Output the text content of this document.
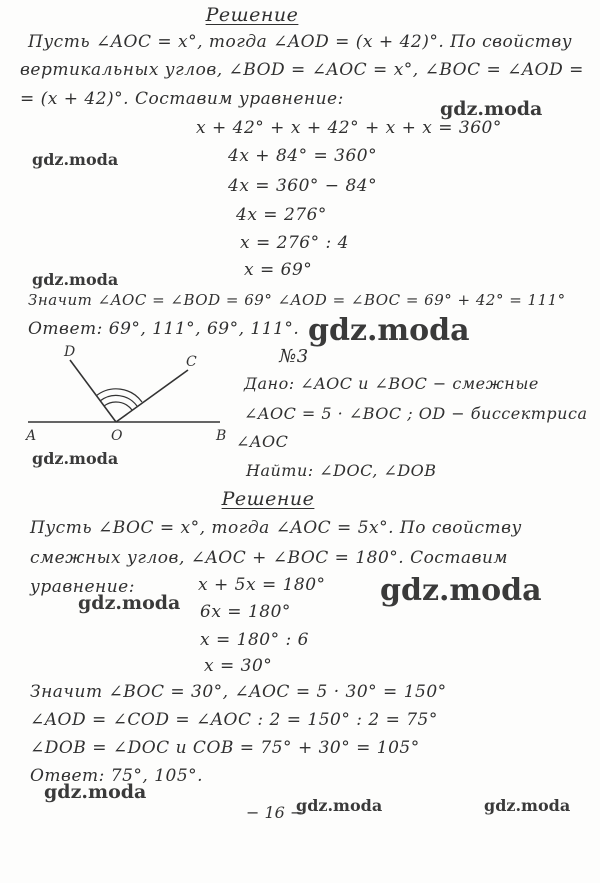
Решение
Пусть ∠AOC = x°, тогда ∠AOD = (x + 42)°. По свойству
вертикальных углов, ∠BOD = ∠AOC = x°, ∠BOC = ∠AOD =
= (x + 42)°. Составим уравнение:
x + 42° + x + 42° + x + x = 360°
4x + 84° = 360°
4x = 360° − 84°
4x = 276°
x = 276° : 4
x = 69°
Значит ∠AOC = ∠BOD = 69° ∠AOD = ∠BOC = 69° + 42° = 111°
Ответ: 69°, 111°, 69°, 111°.
№3
Дано: ∠AOC и ∠BOC − смежные
∠AOC = 5 · ∠BOC ; OD − биссектриса
∠AOC
Найти: ∠DOC, ∠DOB
D
C
A	O	B
Решение
Пусть ∠BOC = x°, тогда ∠AOC = 5x°. По свойству
смежных углов, ∠AOC + ∠BOC = 180°. Составим
уравнение:	x + 5x = 180°
6x = 180°
x = 180° : 6
x = 30°
Значит ∠BOC = 30°, ∠AOC = 5 · 30° = 150°
∠AOD = ∠COD = ∠AOC : 2 = 150° : 2 = 75°
∠DOB = ∠DOC и COB = 75° + 30° = 105°
Ответ: 75°, 105°.
− 16 −
gdz.moda
gdz.moda
gdz.moda
gdz.moda
gdz.moda
gdz.moda
gdz.moda
gdz.moda
gdz.moda	gdz.moda
